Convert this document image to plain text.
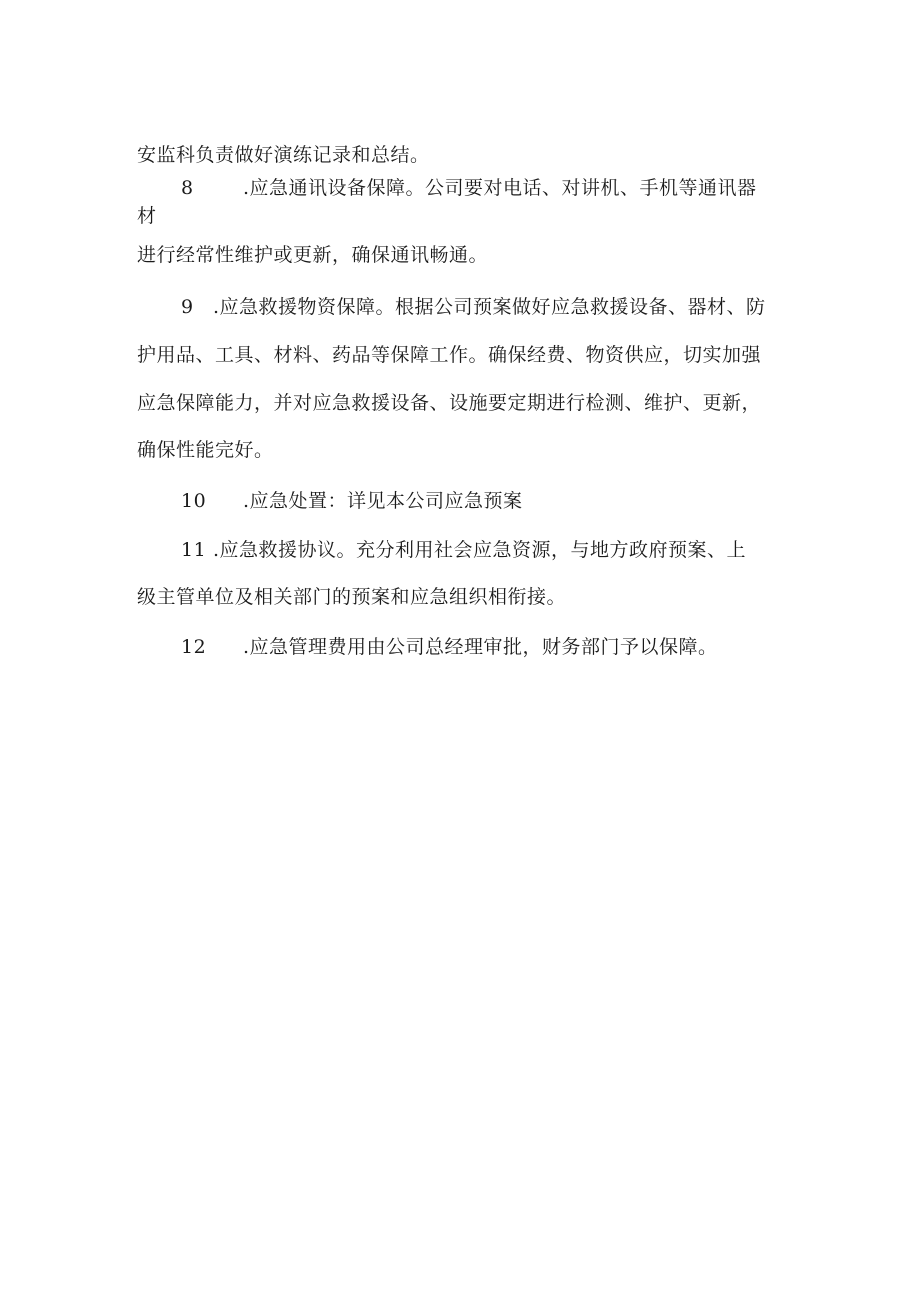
安监科负责做好演练记录和总结。
8	.应急通讯设备保障。公司要对电话、对讲机、手机等通讯器
材
进行经常性维护或更新，确保通讯畅通。
9 .应急救援物资保障。根据公司预案做好应急救援设备、器材、防
护用品、工具、材料、药品等保障工作。确保经费、物资供应，切实加强
应急保障能力，并对应急救援设备、设施要定期进行检测、维护、更新，
确保性能完好。
10 .应急处置：详见本公司应急预案
11 .应急救援协议。充分利用社会应急资源，与地方政府预案、上
级主管单位及相关部门的预案和应急组织相衔接。
12 .应急管理费用由公司总经理审批，财务部门予以保障。
